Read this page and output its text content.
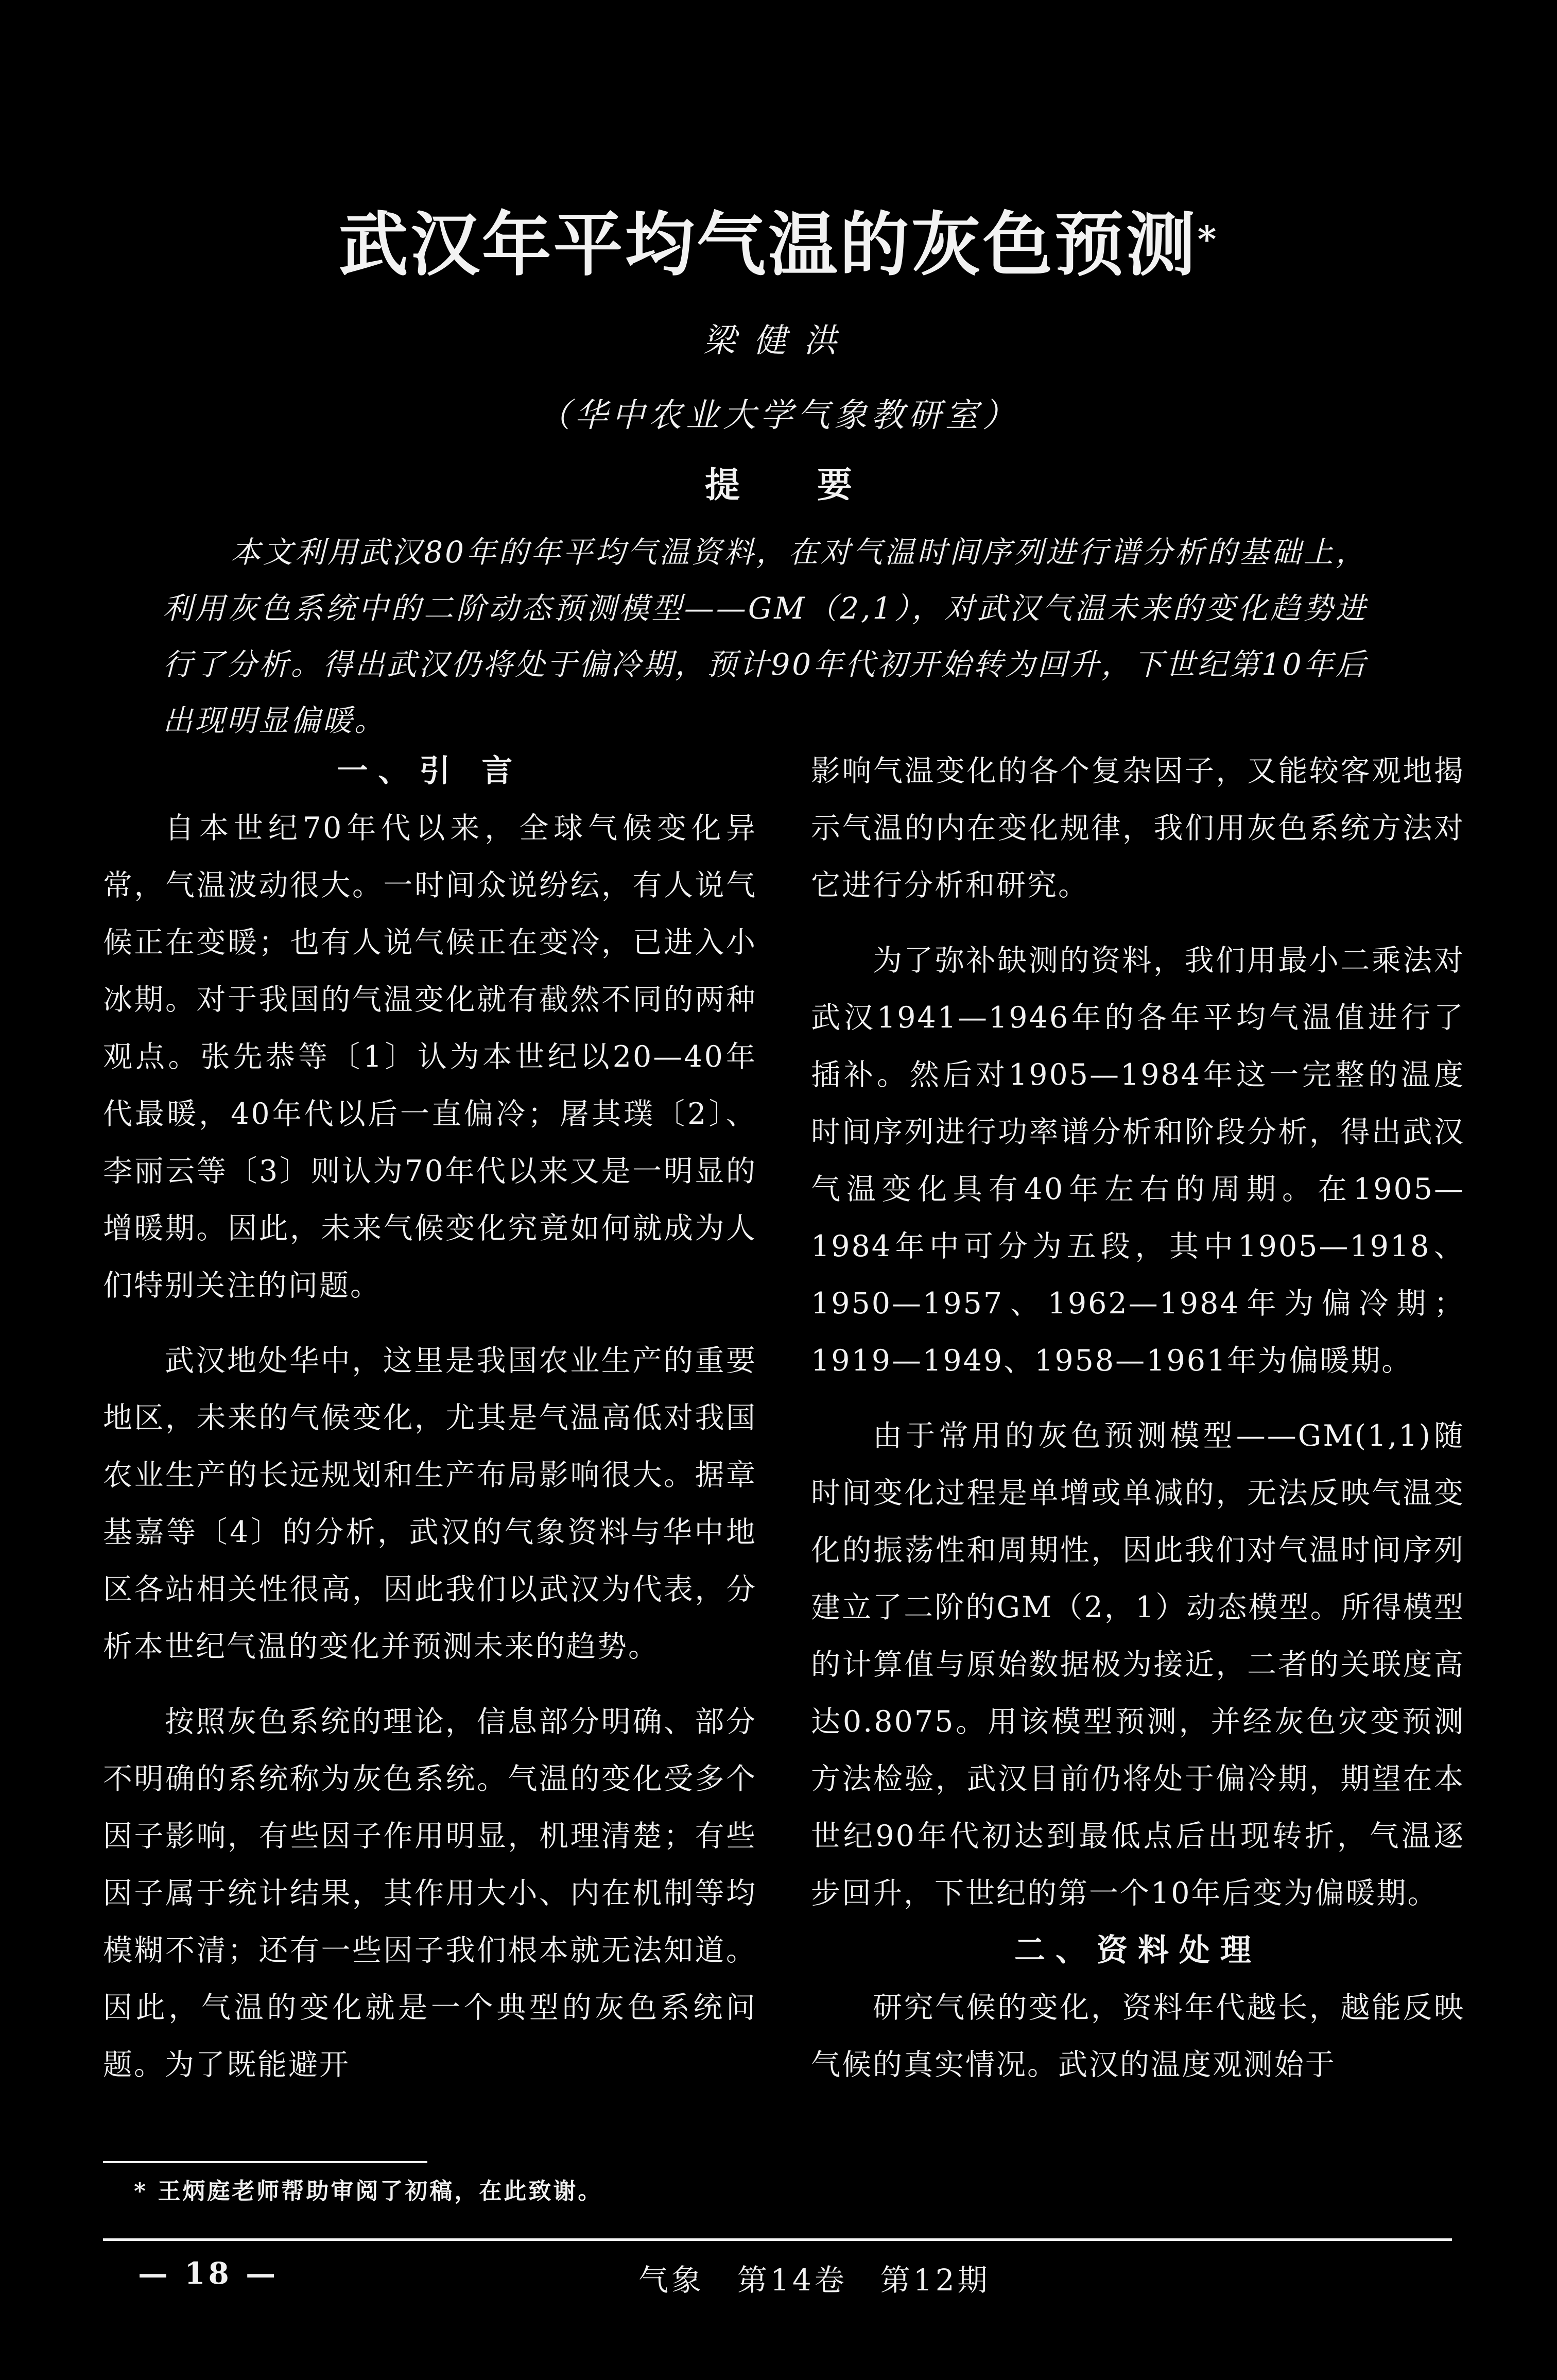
武汉年平均气温的灰色预测*
梁健洪
（华中农业大学气象教研室）
提要

本文利用武汉80年的年平均气温资料，在对气温时间序列进行谱分析的基础上，利用灰色系统中的二阶动态预测模型——GM（2,1），对武汉气温未来的变化趋势进行了分析。得出武汉仍将处于偏冷期，预计90年代初开始转为回升，下世纪第10年后出现明显偏暖。

一、引 言

自本世纪70年代以来，全球气候变化异常，气温波动很大。一时间众说纷纭，有人说气候正在变暖；也有人说气候正在变冷，已进入小冰期。对于我国的气温变化就有截然不同的两种观点。张先恭等〔1〕认为本世纪以20—40年代最暖，40年代以后一直偏冷；屠其璞〔2〕、李丽云等〔3〕则认为70年代以来又是一明显的增暖期。因此，未来气候变化究竟如何就成为人们特别关注的问题。

武汉地处华中，这里是我国农业生产的重要地区，未来的气候变化，尤其是气温高低对我国农业生产的长远规划和生产布局影响很大。据章基嘉等〔4〕的分析，武汉的气象资料与华中地区各站相关性很高，因此我们以武汉为代表，分析本世纪气温的变化并预测未来的趋势。

按照灰色系统的理论，信息部分明确、部分不明确的系统称为灰色系统。气温的变化受多个因子影响，有些因子作用明显，机理清楚；有些因子属于统计结果，其作用大小、内在机制等均模糊不清；还有一些因子我们根本就无法知道。因此，气温的变化就是一个典型的灰色系统问题。为了既能避开

影响气温变化的各个复杂因子，又能较客观地揭示气温的内在变化规律，我们用灰色系统方法对它进行分析和研究。

为了弥补缺测的资料，我们用最小二乘法对武汉1941—1946年的各年平均气温值进行了插补。然后对1905—1984年这一完整的温度时间序列进行功率谱分析和阶段分析，得出武汉气温变化具有40年左右的周期。在1905—1984年中可分为五段，其中1905—1918、1950—1957、1962—1984年为偏冷期；1919—1949、1958—1961年为偏暖期。

由于常用的灰色预测模型——GM(1,1)随时间变化过程是单增或单减的，无法反映气温变化的振荡性和周期性，因此我们对气温时间序列建立了二阶的GM（2，1）动态模型。所得模型的计算值与原始数据极为接近，二者的关联度高达0.8075。用该模型预测，并经灰色灾变预测方法检验，武汉目前仍将处于偏冷期，期望在本世纪90年代初达到最低点后出现转折，气温逐步回升，下世纪的第一个10年后变为偏暖期。

二、资料处理

研究气候的变化，资料年代越长，越能反映气候的真实情况。武汉的温度观测始于

* 王炳庭老师帮助审阅了初稿，在此致谢。
— 18 —	气象　第14卷　第12期
